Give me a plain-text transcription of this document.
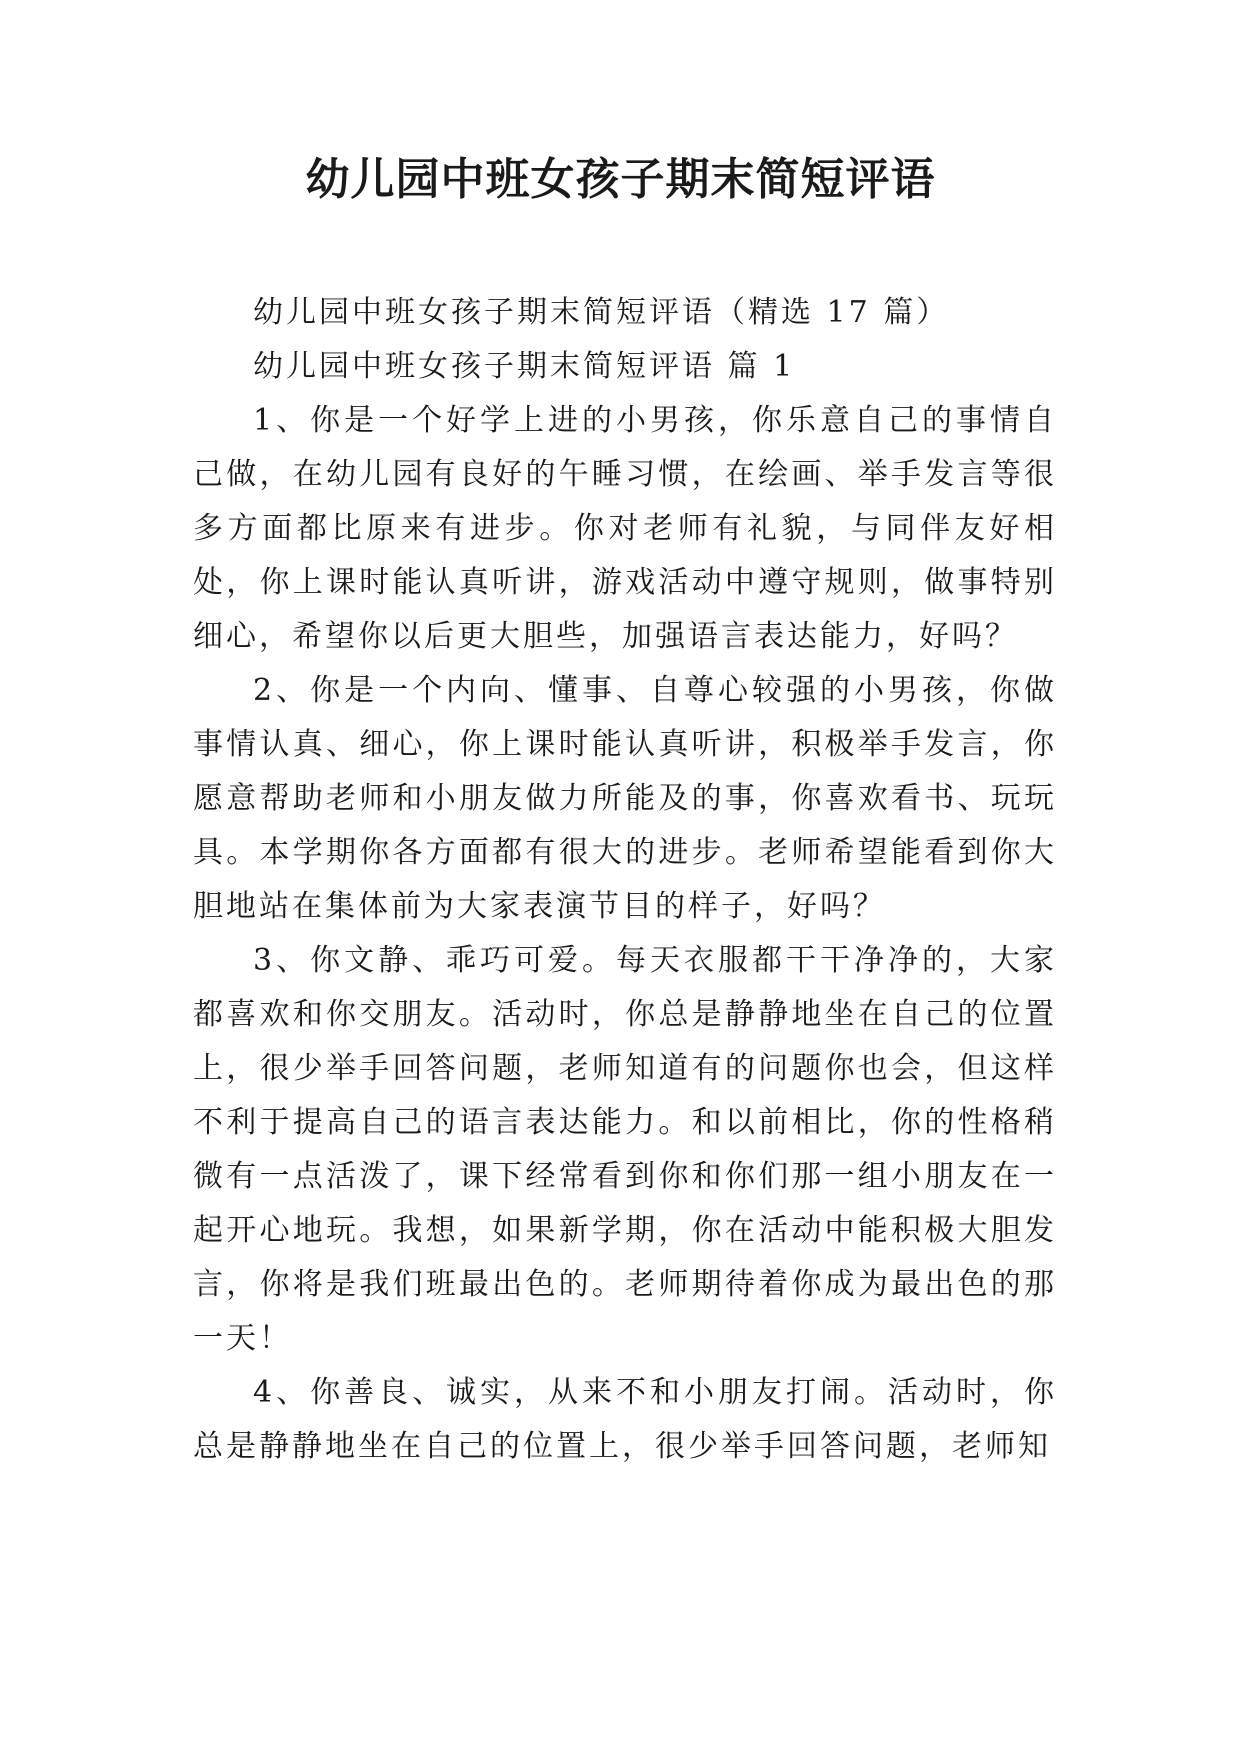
幼儿园中班女孩子期末简短评语

幼儿园中班女孩子期末简短评语（精选 17 篇）

幼儿园中班女孩子期末简短评语 篇 1

1、你是一个好学上进的小男孩，你乐意自己的事情自己做，在幼儿园有良好的午睡习惯，在绘画、举手发言等很多方面都比原来有进步。你对老师有礼貌，与同伴友好相处，你上课时能认真听讲，游戏活动中遵守规则，做事特别细心，希望你以后更大胆些，加强语言表达能力，好吗？

2、你是一个内向、懂事、自尊心较强的小男孩，你做事情认真、细心，你上课时能认真听讲，积极举手发言，你愿意帮助老师和小朋友做力所能及的事，你喜欢看书、玩玩具。本学期你各方面都有很大的进步。老师希望能看到你大胆地站在集体前为大家表演节目的样子，好吗？

3、你文静、乖巧可爱。每天衣服都干干净净的，大家都喜欢和你交朋友。活动时，你总是静静地坐在自己的位置上，很少举手回答问题，老师知道有的问题你也会，但这样不利于提高自己的语言表达能力。和以前相比，你的性格稍微有一点活泼了，课下经常看到你和你们那一组小朋友在一起开心地玩。我想，如果新学期，你在活动中能积极大胆发言，你将是我们班最出色的。老师期待着你成为最出色的那一天！

4、你善良、诚实，从来不和小朋友打闹。活动时，你总是静静地坐在自己的位置上，很少举手回答问题，老师知
